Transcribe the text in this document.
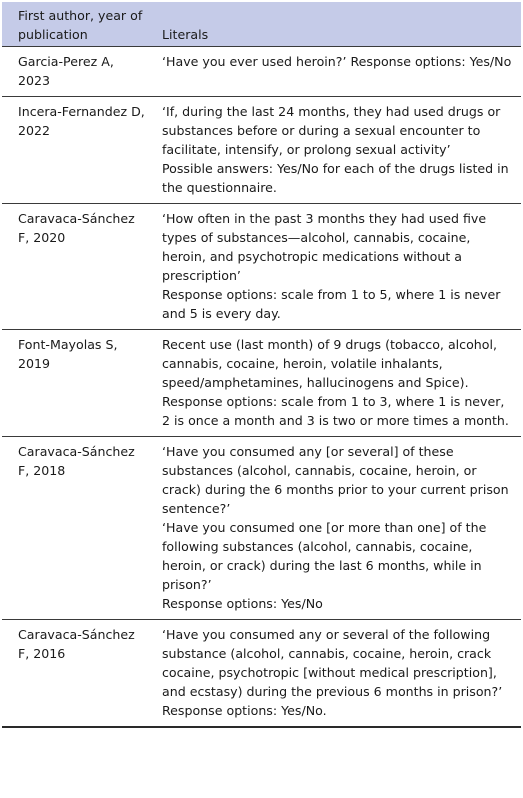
First author, year of publication	Literals
Garcia-Perez A, 2023	‘Have you ever used heroin?’ Response options: Yes/No

Incera-Fernandez D, 2022	‘If, during the last 24 months, they had used drugs or substances before or during a sexual encounter to facilitate, intensify, or prolong sexual activity’
Possible answers: Yes/No for each of the drugs listed in the questionnaire.

Caravaca-Sánchez F, 2020	‘How often in the past 3 months they had used five types of substances—alcohol, cannabis, cocaine, heroin, and psychotropic medications without a prescription’
Response options: scale from 1 to 5, where 1 is never and 5 is every day.

Font-Mayolas S, 2019	Recent use (last month) of 9 drugs (tobacco, alcohol, cannabis, cocaine, heroin, volatile inhalants, speed/amphetamines, hallucinogens and Spice).
Response options: scale from 1 to 3, where 1 is never, 2 is once a month and 3 is two or more times a month.

Caravaca-Sánchez F, 2018	‘Have you consumed any [or several] of these substances (alcohol, cannabis, cocaine, heroin, or crack) during the 6 months prior to your current prison sentence?’
‘Have you consumed one [or more than one] of the following substances (alcohol, cannabis, cocaine, heroin, or crack) during the last 6 months, while in prison?’
Response options: Yes/No

Caravaca-Sánchez F, 2016	‘Have you consumed any or several of the following substance (alcohol, cannabis, cocaine, heroin, crack cocaine, psychotropic [without medical prescription], and ecstasy) during the previous 6 months in prison?’
Response options: Yes/No.
